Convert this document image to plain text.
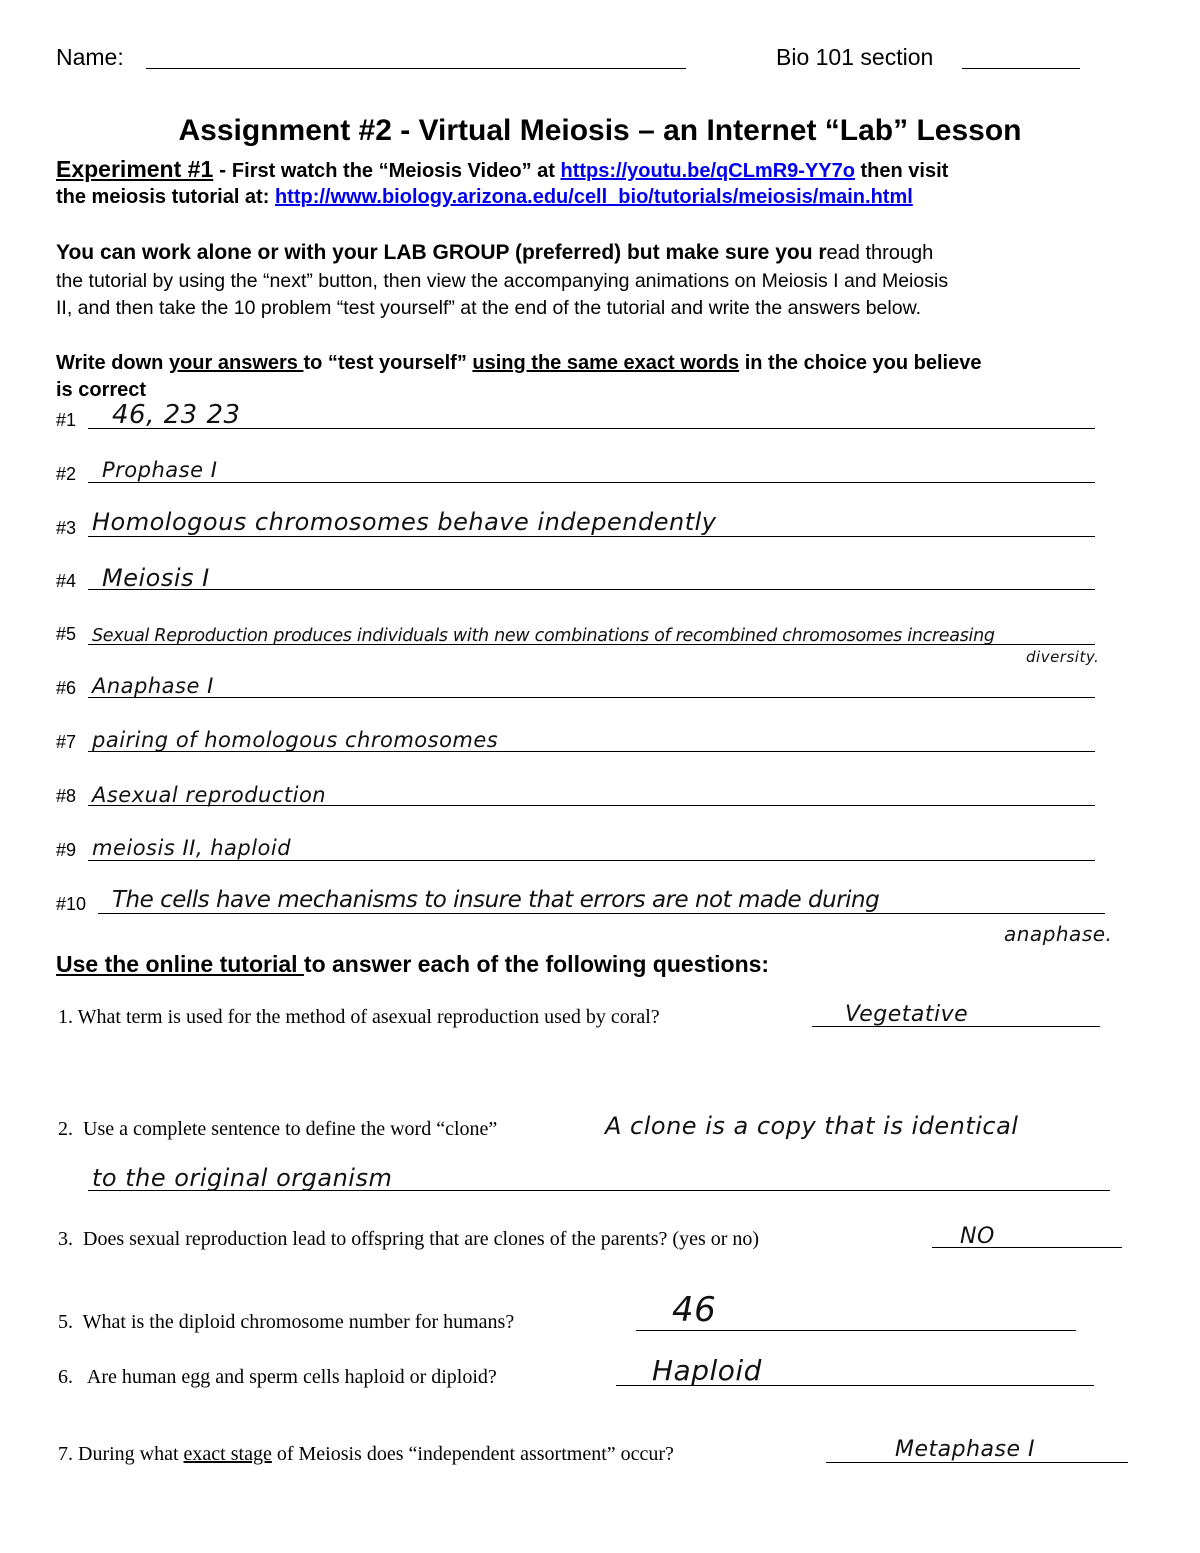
Name:	Bio 101 section
Assignment #2 - Virtual Meiosis – an Internet “Lab” Lesson
Experiment #1 - First watch the “Meiosis Video” at https://youtu.be/qCLmR9-YY7o then visit
the meiosis tutorial at: http://www.biology.arizona.edu/cell_bio/tutorials/meiosis/main.html
You can work alone or with your LAB GROUP (preferred) but make sure you read through
the tutorial by using the “next” button, then view the accompanying animations on Meiosis I and Meiosis
II, and then take the 10 problem “test yourself” at the end of the tutorial and write the answers below.
Write down your answers to “test yourself” using the same exact words in the choice you believe
is correct
#1 46, 23 23
#2 Prophase I
#3 Homologous chromosomes behave independently
#4 Meiosis I
#5 Sexual Reproduction produces individuals with new combinations of recombined chromosomes increasing
diversity.
#6 Anaphase I
#7 pairing of homologous chromosomes
#8 Asexual reproduction
#9 meiosis II, haploid
#10 The cells have mechanisms to insure that errors are not made during
anaphase.
Use the online tutorial to answer each of the following questions:
1. What term is used for the method of asexual reproduction used by coral?	Vegetative
2. Use a complete sentence to define the word “clone”	A clone is a copy that is identical
to the original organism
3. Does sexual reproduction lead to offspring that are clones of the parents? (yes or no)	NO
5. What is the diploid chromosome number for humans?	46
6. Are human egg and sperm cells haploid or diploid?	Haploid
7. During what exact stage of Meiosis does “independent assortment” occur?	Metaphase I
